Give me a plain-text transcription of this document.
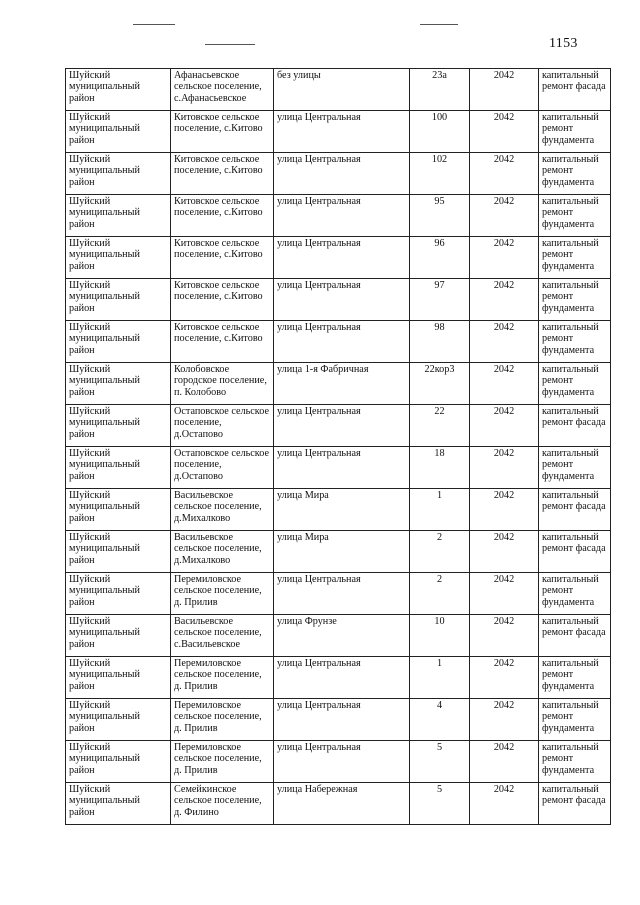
1153
Шуйский муниципальный район	Афанасьевское сельское поселение, с.Афанасьевское	без улицы	23а	2042	капитальный ремонт фасада
Шуйский муниципальный район	Китовское сельское поселение, с.Китово	улица Центральная	100	2042	капитальный ремонт фундамента
Шуйский муниципальный район	Китовское сельское поселение, с.Китово	улица Центральная	102	2042	капитальный ремонт фундамента
Шуйский муниципальный район	Китовское сельское поселение, с.Китово	улица Центральная	95	2042	капитальный ремонт фундамента
Шуйский муниципальный район	Китовское сельское поселение, с.Китово	улица Центральная	96	2042	капитальный ремонт фундамента
Шуйский муниципальный район	Китовское сельское поселение, с.Китово	улица Центральная	97	2042	капитальный ремонт фундамента
Шуйский муниципальный район	Китовское сельское поселение, с.Китово	улица Центральная	98	2042	капитальный ремонт фундамента
Шуйский муниципальный район	Колобовское городское поселение, п. Колобово	улица 1-я Фабричная	22кор3	2042	капитальный ремонт фундамента
Шуйский муниципальный район	Остаповское сельское поселение, д.Остапово	улица Центральная	22	2042	капитальный ремонт фасада
Шуйский муниципальный район	Остаповское сельское поселение, д.Остапово	улица Центральная	18	2042	капитальный ремонт фундамента
Шуйский муниципальный район	Васильевское сельское поселение, д.Михалково	улица Мира	1	2042	капитальный ремонт фасада
Шуйский муниципальный район	Васильевское сельское поселение, д.Михалково	улица Мира	2	2042	капитальный ремонт фасада
Шуйский муниципальный район	Перемиловское сельское поселение, д. Прилив	улица Центральная	2	2042	капитальный ремонт фундамента
Шуйский муниципальный район	Васильевское сельское поселение, с.Васильевское	улица Фрунзе	10	2042	капитальный ремонт фасада
Шуйский муниципальный район	Перемиловское сельское поселение, д. Прилив	улица Центральная	1	2042	капитальный ремонт фундамента
Шуйский муниципальный район	Перемиловское сельское поселение, д. Прилив	улица Центральная	4	2042	капитальный ремонт фундамента
Шуйский муниципальный район	Перемиловское сельское поселение, д. Прилив	улица Центральная	5	2042	капитальный ремонт фундамента
Шуйский муниципальный район	Семейкинское сельское поселение, д. Филино	улица Набережная	5	2042	капитальный ремонт фасада
